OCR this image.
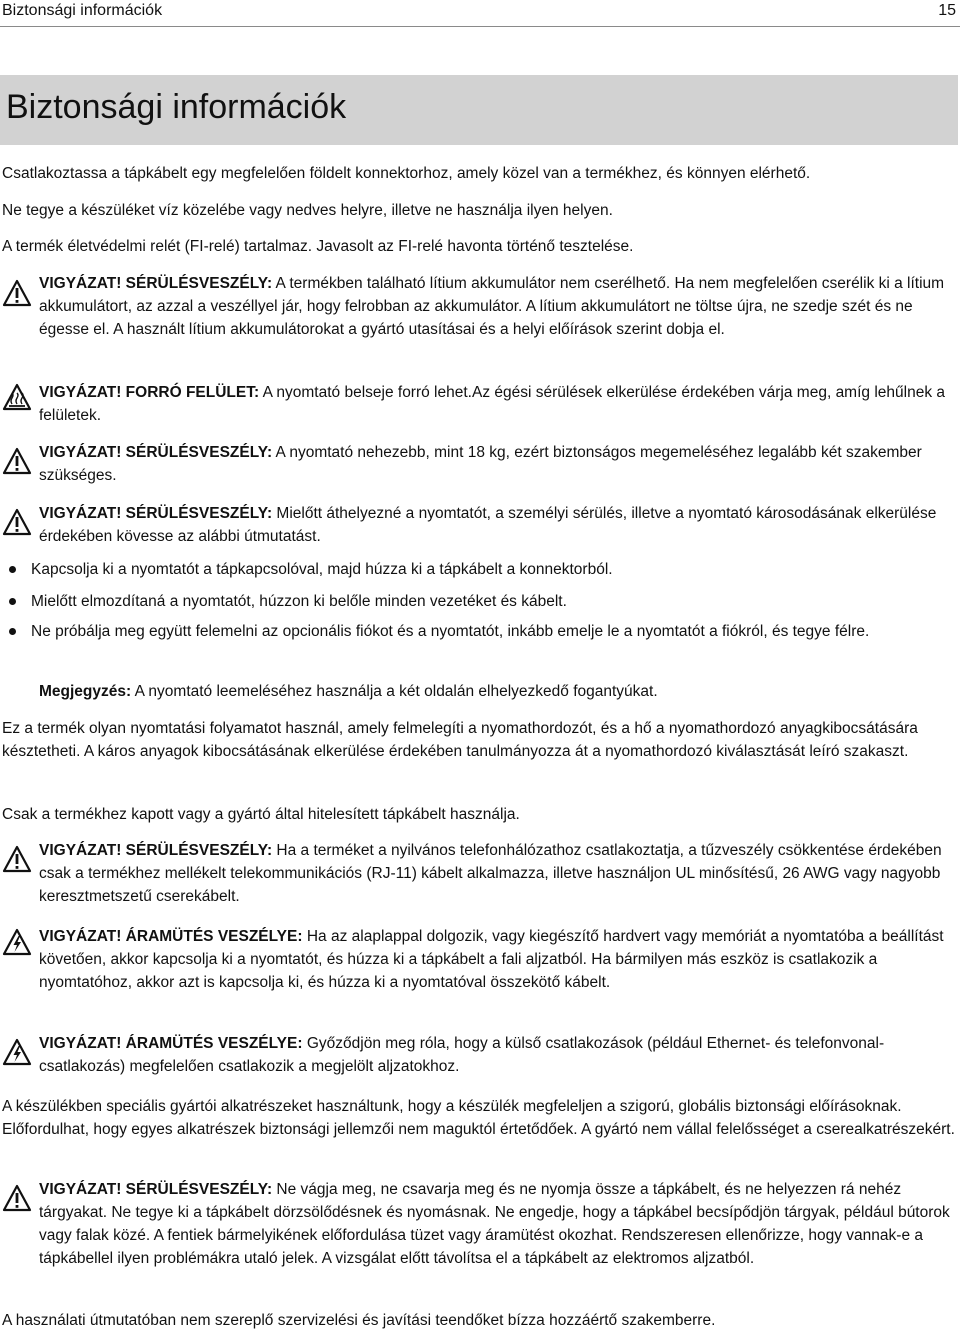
Biztonsági információk	15
Biztonsági információk

Csatlakoztassa a tápkábelt egy megfelelően földelt konnektorhoz, amely közel van a termékhez, és könnyen elérhető.

Ne tegye a készüléket víz közelébe vagy nedves helyre, illetve ne használja ilyen helyen.

A termék életvédelmi relét (FI-relé) tartalmaz. Javasolt az FI-relé havonta történő tesztelése.

VIGYÁZAT! SÉRÜLÉSVESZÉLY: A termékben található lítium akkumulátor nem cserélhető. Ha nem megfelelően cserélik ki a lítium akkumulátort, az azzal a veszéllyel jár, hogy felrobban az akkumulátor. A lítium akkumulátort ne töltse újra, ne szedje szét és ne égesse el. A használt lítium akkumulátorokat a gyártó utasításai és a helyi előírások szerint dobja el.

VIGYÁZAT! FORRÓ FELÜLET: A nyomtató belseje forró lehet.Az égési sérülések elkerülése érdekében várja meg, amíg lehűlnek a felületek.

VIGYÁZAT! SÉRÜLÉSVESZÉLY: A nyomtató nehezebb, mint 18 kg, ezért biztonságos megemeléséhez legalább két szakember szükséges.

VIGYÁZAT! SÉRÜLÉSVESZÉLY: Mielőtt áthelyezné a nyomtatót, a személyi sérülés, illetve a nyomtató károsodásának elkerülése érdekében kövesse az alábbi útmutatást.

Kapcsolja ki a nyomtatót a tápkapcsolóval, majd húzza ki a tápkábelt a konnektorból.

Mielőtt elmozdítaná a nyomtatót, húzzon ki belőle minden vezetéket és kábelt.

Ne próbálja meg együtt felemelni az opcionális fiókot és a nyomtatót, inkább emelje le a nyomtatót a fiókról, és tegye félre.

Megjegyzés: A nyomtató leemeléséhez használja a két oldalán elhelyezkedő fogantyúkat.

Ez a termék olyan nyomtatási folyamatot használ, amely felmelegíti a nyomathordozót, és a hő a nyomathordozó anyagkibocsátására késztetheti. A káros anyagok kibocsátásának elkerülése érdekében tanulmányozza át a nyomathordozó kiválasztását leíró szakaszt.

Csak a termékhez kapott vagy a gyártó által hitelesített tápkábelt használja.

VIGYÁZAT! SÉRÜLÉSVESZÉLY: Ha a terméket a nyilvános telefonhálózathoz csatlakoztatja, a tűzveszély csökkentése érdekében csak a termékhez mellékelt telekommunikációs (RJ-11) kábelt alkalmazza, illetve használjon UL minősítésű, 26 AWG vagy nagyobb keresztmetszetű cserekábelt.

VIGYÁZAT! ÁRAMÜTÉS VESZÉLYE: Ha az alaplappal dolgozik, vagy kiegészítő hardvert vagy memóriát a nyomtatóba a beállítást követően, akkor kapcsolja ki a nyomtatót, és húzza ki a tápkábelt a fali aljzatból. Ha bármilyen más eszköz is csatlakozik a nyomtatóhoz, akkor azt is kapcsolja ki, és húzza ki a nyomtatóval összekötő kábelt.

VIGYÁZAT! ÁRAMÜTÉS VESZÉLYE: Győződjön meg róla, hogy a külső csatlakozások (például Ethernet- és telefonvonal-csatlakozás) megfelelően csatlakozik a megjelölt aljzatokhoz.

A készülékben speciális gyártói alkatrészeket használtunk, hogy a készülék megfeleljen a szigorú, globális biztonsági előírásoknak. Előfordulhat, hogy egyes alkatrészek biztonsági jellemzői nem maguktól értetődőek. A gyártó nem vállal felelősséget a cserealkatrészekért.

VIGYÁZAT! SÉRÜLÉSVESZÉLY: Ne vágja meg, ne csavarja meg és ne nyomja össze a tápkábelt, és ne helyezzen rá nehéz tárgyakat. Ne tegye ki a tápkábelt dörzsölődésnek és nyomásnak. Ne engedje, hogy a tápkábel becsípődjön tárgyak, például bútorok vagy falak közé. A fentiek bármelyikének előfordulása tüzet vagy áramütést okozhat. Rendszeresen ellenőrizze, hogy vannak-e a tápkábellel ilyen problémákra utaló jelek. A vizsgálat előtt távolítsa el a tápkábelt az elektromos aljzatból.

A használati útmutatóban nem szereplő szervizelési és javítási teendőket bízza hozzáértő szakemberre.
